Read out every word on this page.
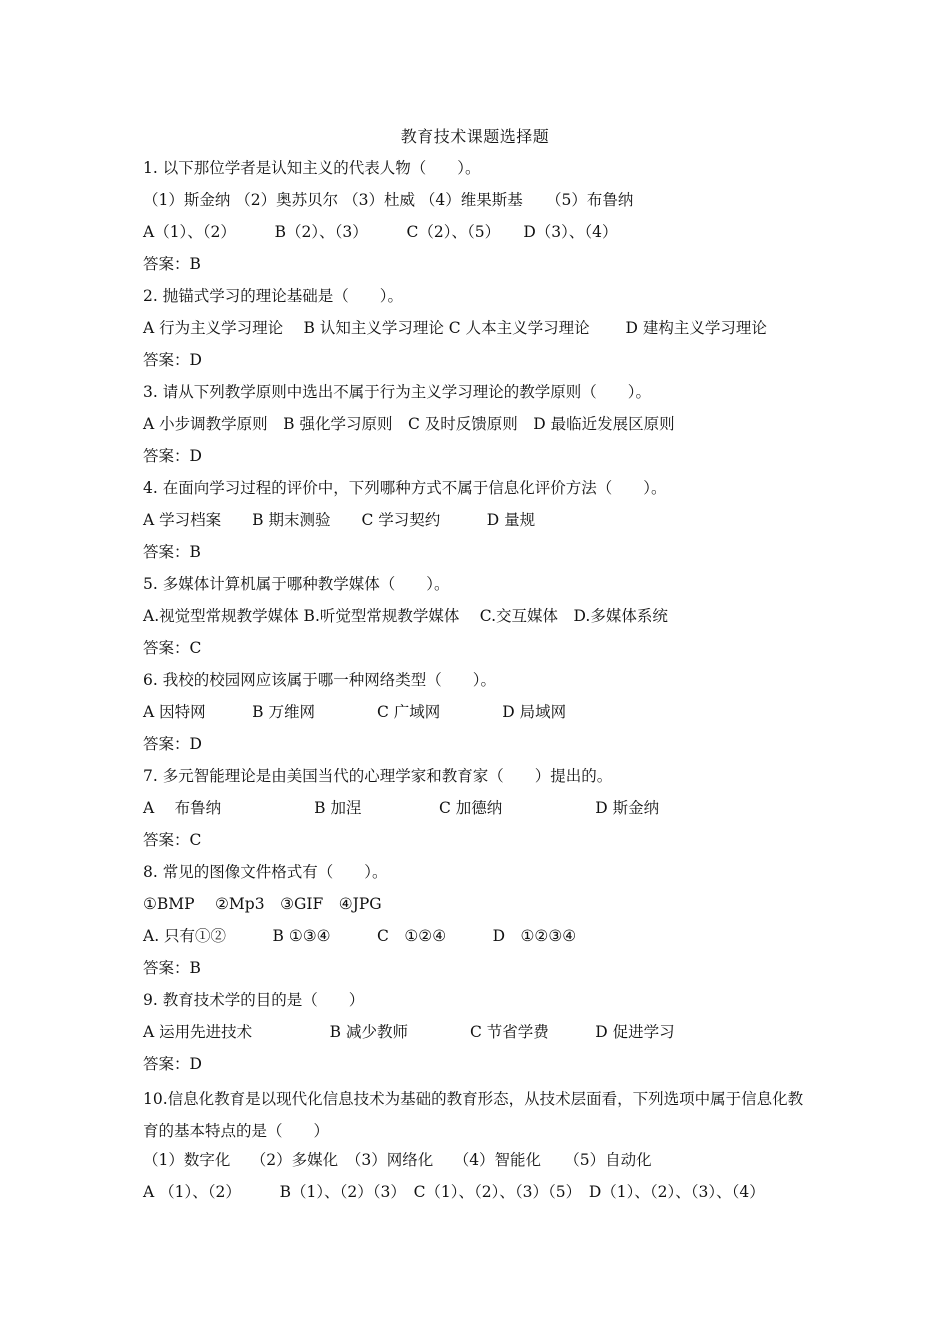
教育技术课题选择题
1. 以下那位学者是认知主义的代表人物（　　）。
（1）斯金纳 （2）奥苏贝尔 （3）杜威 （4）维果斯基　　（5）布鲁纳
A（1）、（2）　　　B（2）、（3）　　　C（2）、（5）　　D（3）、（4）
答案：B
2. 抛锚式学习的理论基础是（　　）。
A 行为主义学习理论　 B 认知主义学习理论 C 人本主义学习理论　　 D 建构主义学习理论
答案：D
3. 请从下列教学原则中选出不属于行为主义学习理论的教学原则（　　）。
A 小步调教学原则　B 强化学习原则　C 及时反馈原则　D 最临近发展区原则
答案：D
4. 在面向学习过程的评价中，下列哪种方式不属于信息化评价方法（　　）。
A 学习档案　　B 期末测验　　C 学习契约　　　D 量规
答案：B
5. 多媒体计算机属于哪种教学媒体（　　）。
A.视觉型常规教学媒体 B.听觉型常规教学媒体　 C.交互媒体　D.多媒体系统
答案：C
6. 我校的校园网应该属于哪一种网络类型（　　）。
A 因特网　　　B 万维网　　　　C 广域网　　　　D 局域网
答案：D
7. 多元智能理论是由美国当代的心理学家和教育家（　　）提出的。
A　 布鲁纳　　　　　　B 加涅　　　　　C 加德纳　　　　　　D 斯金纳
答案：C
8. 常见的图像文件格式有（　　）。
①BMP　 ②Mp3　③GIF　④JPG
A. 只有①②　　　B ①③④　　　C　①②④　　　D　①②③④
答案：B
9. 教育技术学的目的是（　　）
A 运用先进技术　　　　　B 减少教师　　　　C 节省学费　　　D 促进学习
答案：D
10.信息化教育是以现代化信息技术为基础的教育形态，从技术层面看，下列选项中属于信息化教育的基本特点的是（　　）
（1）数字化　 （2）多媒化　（3）网络化　 （4）智能化　　（5）自动化
A （1）、（2）　　　B（1）、（2）（3）　C（1）、（2）、（3）（5）　D（1）、（2）、（3）、（4）
